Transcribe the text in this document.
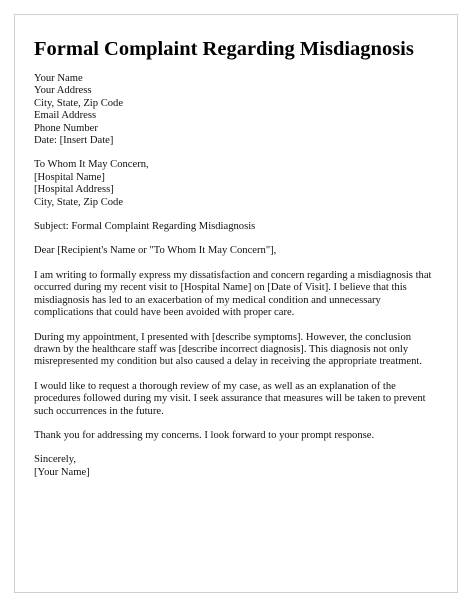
Formal Complaint Regarding Misdiagnosis
Your Name
Your Address
City, State, Zip Code
Email Address
Phone Number
Date: [Insert Date]
To Whom It May Concern,
[Hospital Name]
[Hospital Address]
City, State, Zip Code

Subject: Formal Complaint Regarding Misdiagnosis

Dear [Recipient's Name or "To Whom It May Concern"],

I am writing to formally express my dissatisfaction and concern regarding a misdiagnosis that occurred during my recent visit to [Hospital Name] on [Date of Visit]. I believe that this misdiagnosis has led to an exacerbation of my medical condition and unnecessary complications that could have been avoided with proper care.

During my appointment, I presented with [describe symptoms]. However, the conclusion drawn by the healthcare staff was [describe incorrect diagnosis]. This diagnosis not only misrepresented my condition but also caused a delay in receiving the appropriate treatment.

I would like to request a thorough review of my case, as well as an explanation of the procedures followed during my visit. I seek assurance that measures will be taken to prevent such occurrences in the future.

Thank you for addressing my concerns. I look forward to your prompt response.

Sincerely,
[Your Name]
